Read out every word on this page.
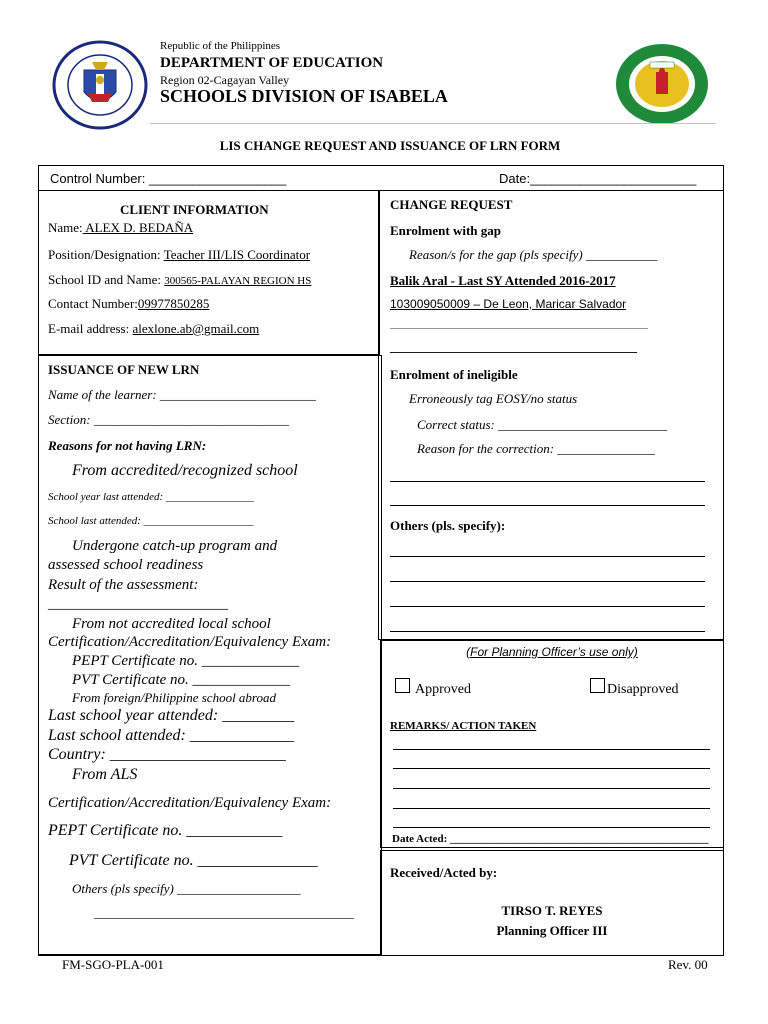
Republic of the Philippines
DEPARTMENT OF EDUCATION
Region 02-Cagayan Valley
SCHOOLS DIVISION OF ISABELA
LIS CHANGE REQUEST AND ISSUANCE OF LRN FORM
Control Number: ___________________	Date:_______________________
CLIENT INFORMATION
Name: ALEX D. BEDAÑA
Position/Designation: Teacher III/LIS Coordinator
School ID and Name: 300565-PALAYAN REGION HS
Contact Number:09977850285
E-mail address: alexlone.ab@gmail.com
CHANGE REQUEST
Enrolment with gap
Reason/s for the gap (pls specify) ___________
Balik Aral - Last SY Attended 2016-2017
103009050009 – De Leon, Maricar Salvador
___________________________________________
______________________________________
Enrolment of ineligible
Erroneously tag EOSY/no status
Correct status: __________________________
Reason for the correction: _______________
Others (pls. specify):
ISSUANCE OF NEW LRN
Name of the learner: ________________________
Section: ______________________________
Reasons for not having LRN:
From accredited/recognized school
School year last attended: ________________
School last attended: ____________________
Undergone catch-up program and
assessed school readiness
Result of the assessment:
________________________
From not accredited local school
Certification/Accreditation/Equivalency Exam:
PEPT Certificate no. _____________
PVT Certificate no. _____________
From foreign/Philippine school abroad
Last school year attended: _________
Last school attended: _____________
Country: ______________________
From ALS
Certification/Accreditation/Equivalency Exam:
PEPT Certificate no. ____________
PVT Certificate no. _______________
Others (pls specify) ___________________
________________________________________
(For Planning Officer’s use only)
Approved	Disapproved
REMARKS/ ACTION TAKEN
Date Acted: _______________________________________________
Received/Acted by:
TIRSO T. REYES
Planning Officer III
FM-SGO-PLA-001	Rev. 00
